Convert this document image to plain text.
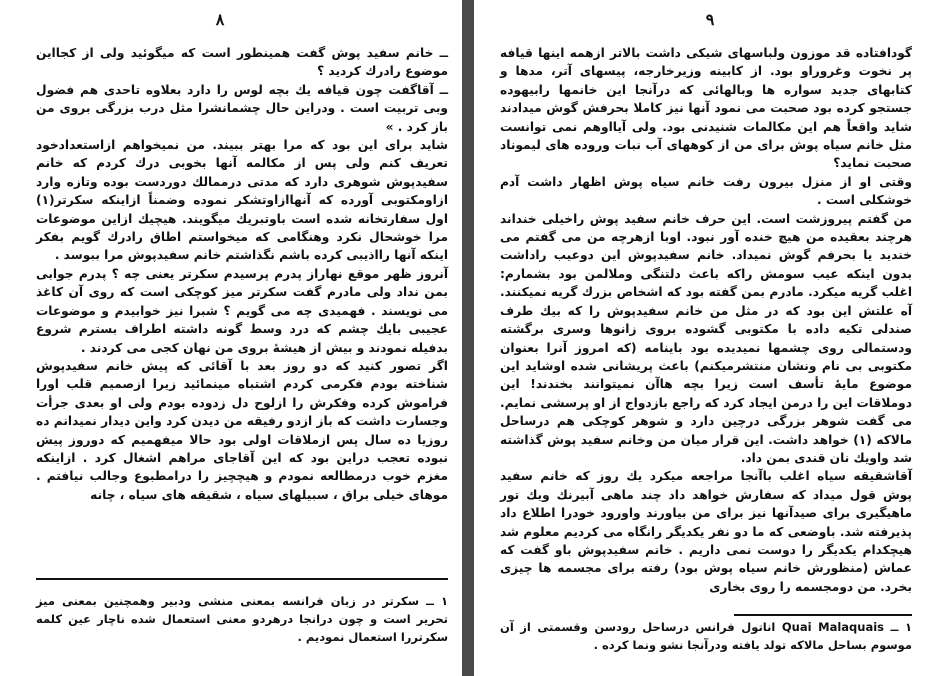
٨

ــ خانم سفید پوش گفت همینطور است که میگوئید ولی از کجااین موضوع رادرك کردید ؟

ــ آقاگفت چون قیافه یك بچه لوس را دارد بعلاوه تاحدی هم فضول وبی تربیت است . ودراین حال چشمانشرا مثل درب بزرگی بروی من باز کرد . »

شاید برای این بود که مرا بهتر ببیند. من نمیخواهم ازاستعدادخود تعریف کنم ولی پس از مکالمه آنها بخوبی درك کردم که خانم سفیدپوش شوهری دارد که مدتی درممالك دوردست بوده وتازه وارد ازاومکتوبی آورده که آنهاازاوتشکر نموده وضمناً ازاینکه سکرتر(۱) اول سفارتخانه شده است باوتبریك میگویند. هیچیك ازاین موضوعات مرا خوشحال نکرد وهنگامی که میخواستم اطاق رادرك گویم بفکر اینکه آنها رااذیبی کرده باشم نگذاشتم خانم سفیدپوش مرا ببوسد .

آنروز ظهر موقع نهاراز پدرم پرسیدم سکرتر یعنی چه ؟ پدرم جوابی بمن نداد ولی مادرم گفت سکرتر میز کوچکی است که روی آن کاغذ می نویسند . فهمیدی چه می گویم ؟ شبرا نیز خوابیدم و موضوعات عجیبی بایك چشم که درد وسط گونه داشته اطراف بسترم شروع بدفیله نمودند و بیش از هیشهٔ بروی من نهان کجی می کردند .

اگر تصور کنید که دو روز بعد با آقائی که پیش خانم سفیدپوش شناخته بودم فکرمی کردم اشتباه مینمائید زیرا ازصمیم قلب اورا فراموش کرده وفکرش را ازلوح دل زدوده بودم ولی او بعدی جرأت وجسارت داشت که باز ازدو رفیقه من دیدن کرد واین دیدار نمیدانم ده روزیا ده سال پس ازملاقات اولی بود حالا میفهمیم که دوروز پیش نبوده تعجب دراین بود که این آقاجای مراهم اشغال کرد . ازاینکه مغزم خوب درمطالعه نمودم و هیچچیز را درامطبوع وجالب نیافتم . موهای خیلی براق ، سبیلهای سیاه ، شقیقه های سیاه ، چانه

۱ ــ سکرتر در زبان فرانسه بمعنی منشی ودبیر وهمچنین بمعنی میز تحریر است و چون درانجا درهردو معنی استعمال شده ناچار عین کلمه سکرتررا استعمال نمودیم .
٩

گودافتاده قد موزون ولباسهای شیکی داشت بالاتر ازهمه اینها قیافه پر نخوت وغروراو بود. از کابینه وزیرخارجه، پیسهای آتر، مدها و کتابهای جدید سواره ها وبالهائی که درآنجا این خانمها رابیهوده جستجو کرده بود صحبت می نمود آنها نیز کاملا بحرفش گوش میدادند شاید واقعاً هم این مکالمات شنیدنی بود. ولی آیااوهم نمی توانست مثل خانم سیاه پوش برای من از کوههای آب نبات وروده های لیموناد صحبت نماید؟

وقتی او از منزل بیرون رفت خانم سیاه پوش اظهار داشت آدم خوشکلی است .

من گفتم پیروزشت است. این حرف خانم سفید پوش راخیلی خنداند هرچند بعقیده من هیچ خنده آور نبود. اوبا ازهرچه من می گفتم می خندید یا بحرفم گوش نمیداد. خانم سفیدپوش این دوعیب راداشت بدون اینکه عیب سومش راکه باعث دلتنگی وملالمن بود بشمارم: اغلب گریه میکرد. مادرم بمن گفته بود که اشخاص بزرك گریه نمیکنند. آه علتش این بود که در مثل من خانم سفیدپوش را که بیك طرف صندلی تکیه داده با مکتوبی گشوده بروی زانوها وسری برگشته ودستمالی روی چشمها نمیدیده بود باینامه (که امروز آنرا بعنوان مکتوبی بی نام ونشان منتشرمیکنم) باعث پریشانی شده اوشاید این موضوع مایهٔ تأسف است زیرا بچه هاآن نمیتوانند بخندند! این دوملاقات این را درمن ایجاد کرد که راجع بازدواج از او پرسشی نمایم. می گفت شوهر بزرگی درچین دارد و شوهر کوچکی هم درساحل مالاکه (۱) خواهد داشت. این قرار میان من وخانم سفید پوش گذاشته شد واویك نان قندی بمن داد.

آقاشقیقه سیاه اغلب باآنجا مراجعه میکرد یك روز که خانم سفید پوش قول میداد که سفارش خواهد داد چند ماهی آبیرنك ویك تور ماهیگیری برای صیدآنها نیز برای من بیاورند واورود خودرا اطلاع داد پذیرفته شد. باوضعی که ما دو نفر یکدیگر رانگاه می کردیم معلوم شد هیچکدام یکدیگر را دوست نمی داریم . خانم سفیدپوش باو گفت که عماش (منظورش خانم سیاه پوش بود) رفته برای مجسمه ها چیزی بخرد. من دومجسمه را روی بخاری

۱ ــ Quai Malaquais اناتول فرانس درساحل رودسن وقسمتی از آن موسوم بساحل مالاکه تولد یافته ودرآنجا نشو ونما کرده .
